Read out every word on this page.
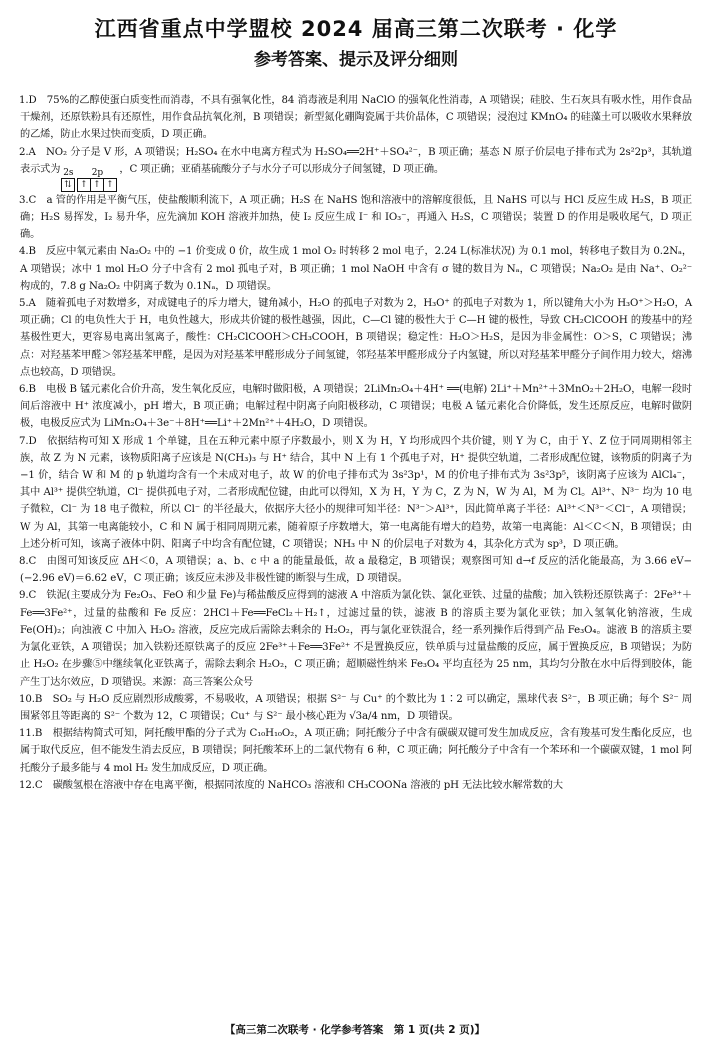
江西省重点中学盟校 2024 届高三第二次联考 · 化学
参考答案、提示及评分细则

1.D　75%的乙醇使蛋白质变性而消毒，不具有强氧化性，84 消毒液是利用 NaClO 的强氧化性消毒，A 项错误；硅胶、生石灰具有吸水性，用作食品干燥剂，还原铁粉具有还原性，用作食品抗氧化剂，B 项错误；新型氮化硼陶瓷属于共价晶体，C 项错误；浸泡过 KMnO₄ 的硅藻土可以吸收水果释放的乙烯，防止水果过快而变质，D 项正确。

2.A　NO₂ 分子是 V 形，A 项错误；H₂SO₄ 在水中电离方程式为 H₂SO₄══2H⁺＋SO₄²⁻，B 项正确；基态 N 原子价层电子排布式为 2s²2p³，其轨道表示式为 2s
⇅
2p
↑ ↑ ↑
，C 项正确；亚硝基硫酸分子与水分子可以形成分子间氢键，D 项正确。

3.C　a 管的作用是平衡气压，使盐酸顺利流下，A 项正确；H₂S 在 NaHS 饱和溶液中的溶解度很低，且 NaHS 可以与 HCl 反应生成 H₂S，B 项正确；H₂S 易挥发，I₂ 易升华，应先滴加 KOH 溶液并加热，使 I₂ 反应生成 I⁻ 和 IO₃⁻，再通入 H₂S，C 项错误；装置 D 的作用是吸收尾气，D 项正确。

4.B　反应中氧元素由 Na₂O₂ 中的 −1 价变成 0 价，故生成 1 mol O₂ 时转移 2 mol 电子，2.24 L(标准状况) 为 0.1 mol，转移电子数目为 0.2Nₐ，A 项错误；冰中 1 mol H₂O 分子中含有 2 mol 孤电子对，B 项正确；1 mol NaOH 中含有 σ 键的数目为 Nₐ，C 项错误；Na₂O₂ 是由 Na⁺、O₂²⁻ 构成的，7.8 g Na₂O₂ 中阴离子数为 0.1Nₐ，D 项错误。

5.A　随着孤电子对数增多，对成键电子的斥力增大，键角减小，H₂O 的孤电子对数为 2，H₃O⁺ 的孤电子对数为 1，所以键角大小为 H₃O⁺＞H₂O，A 项正确；Cl 的电负性大于 H，电负性越大，形成共价键的极性越强，因此，C—Cl 键的极性大于 C—H 键的极性，导致 CH₂ClCOOH 的羧基中的羟基极性更大，更容易电离出氢离子，酸性：CH₂ClCOOH＞CH₃COOH，B 项错误；稳定性：H₂O＞H₂S，是因为非金属性：O＞S，C 项错误；沸点：对羟基苯甲醛＞邻羟基苯甲醛，是因为对羟基苯甲醛形成分子间氢键，邻羟基苯甲醛形成分子内氢键，所以对羟基苯甲醛分子间作用力较大，熔沸点也较高，D 项错误。

6.B　电极 B 锰元素化合价升高，发生氧化反应，电解时做阳极，A 项错误；2LiMn₂O₄＋4H⁺ ══(电解) 2Li⁺＋Mn²⁺＋3MnO₂＋2H₂O，电解一段时间后溶液中 H⁺ 浓度减小，pH 增大，B 项正确；电解过程中阴离子向阳极移动，C 项错误；电极 A 锰元素化合价降低，发生还原反应，电解时做阴极，电极反应式为 LiMn₂O₄＋3e⁻＋8H⁺══Li⁺＋2Mn²⁺＋4H₂O，D 项错误。

7.D　依据结构可知 X 形成 1 个单键，且在五种元素中原子序数最小，则 X 为 H，Y 均形成四个共价键，则 Y 为 C，由于 Y、Z 位于同周期相邻主族，故 Z 为 N 元素，该物质阳离子应该是 N(CH₃)₃ 与 H⁺ 结合，其中 N 上有 1 个孤电子对，H⁺ 提供空轨道，二者形成配位键，该物质的阴离子为 −1 价，结合 W 和 M 的 p 轨道均含有一个未成对电子，故 W 的价电子排布式为 3s²3p¹，M 的价电子排布式为 3s²3p⁵，该阴离子应该为 AlCl₄⁻，其中 Al³⁺ 提供空轨道，Cl⁻ 提供孤电子对，二者形成配位键，由此可以得知，X 为 H，Y 为 C，Z 为 N，W 为 Al，M 为 Cl。Al³⁺、N³⁻ 均为 10 电子微粒，Cl⁻ 为 18 电子微粒，所以 Cl⁻ 的半径最大，依据序大径小的规律可知半径：N³⁻＞Al³⁺，因此简单离子半径：Al³⁺＜N³⁻＜Cl⁻，A 项错误；W 为 Al，其第一电离能较小，C 和 N 属于相同周期元素，随着原子序数增大，第一电离能有增大的趋势，故第一电离能：Al＜C＜N，B 项错误；由上述分析可知，该离子液体中阴、阳离子中均含有配位键，C 项错误；NH₃ 中 N 的价层电子对数为 4，其杂化方式为 sp³，D 项正确。

8.C　由图可知该反应 ΔH＜0，A 项错误；a、b、c 中 a 的能量最低，故 a 最稳定，B 项错误；观察图可知 d→f 反应的活化能最高，为 3.66 eV−(−2.96 eV)＝6.62 eV，C 项正确；该反应未涉及非极性键的断裂与生成，D 项错误。

9.C　铁泥(主要成分为 Fe₂O₃、FeO 和少量 Fe)与稀盐酸反应得到的滤液 A 中溶质为氯化铁、氯化亚铁、过量的盐酸；加入铁粉还原铁离子：2Fe³⁺＋Fe══3Fe²⁺，过量的盐酸和 Fe 反应：2HCl＋Fe══FeCl₂＋H₂↑，过滤过量的铁，滤液 B 的溶质主要为氯化亚铁；加入氢氧化钠溶液，生成 Fe(OH)₂；向浊液 C 中加入 H₂O₂ 溶液，反应完成后需除去剩余的 H₂O₂，再与氯化亚铁混合，经一系列操作后得到产品 Fe₃O₄。滤液 B 的溶质主要为氯化亚铁，A 项错误；加入铁粉还原铁离子的反应 2Fe³⁺＋Fe══3Fe²⁺ 不是置换反应，铁单质与过量盐酸的反应，属于置换反应，B 项错误；为防止 H₂O₂ 在步骤⑤中继续氧化亚铁离子，需除去剩余 H₂O₂，C 项正确；超顺磁性纳米 Fe₃O₄ 平均直径为 25 nm，其均匀分散在水中后得到胶体，能产生丁达尔效应，D 项错误。来源：高三答案公众号

10.B　SO₂ 与 H₂O 反应剧烈形成酸雾，不易吸收，A 项错误；根据 S²⁻ 与 Cu⁺ 的个数比为 1∶2 可以确定，黑球代表 S²⁻，B 项正确；每个 S²⁻ 周围紧邻且等距离的 S²⁻ 个数为 12，C 项错误；Cu⁺ 与 S²⁻ 最小核心距为 √3a/4 nm，D 项错误。

11.B　根据结构简式可知，阿托酸甲酯的分子式为 C₁₀H₁₀O₂，A 项正确；阿托酸分子中含有碳碳双键可发生加成反应，含有羧基可发生酯化反应，也属于取代反应，但不能发生消去反应，B 项错误；阿托酸苯环上的二氯代物有 6 种，C 项正确；阿托酸分子中含有一个苯环和一个碳碳双键，1 mol 阿托酸分子最多能与 4 mol H₂ 发生加成反应，D 项正确。

12.C　碳酸氢根在溶液中存在电离平衡，根据同浓度的 NaHCO₃ 溶液和 CH₃COONa 溶液的 pH 无法比较水解常数的大

【高三第二次联考 · 化学参考答案　第 1 页(共 2 页)】
